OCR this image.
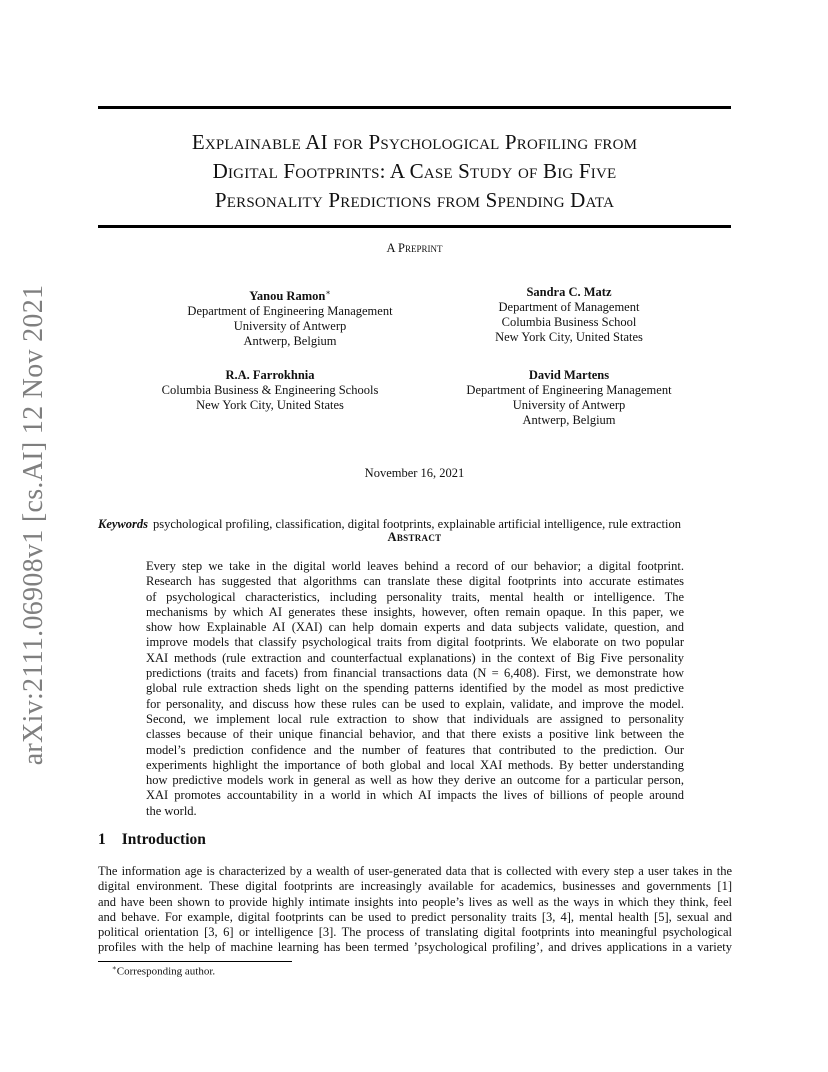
arXiv:2111.06908v1 [cs.AI] 12 Nov 2021
Explainable AI for Psychological Profiling from
Digital Footprints: A Case Study of Big Five
Personality Predictions from Spending Data
A Preprint
Yanou Ramon∗
Department of Engineering Management
University of Antwerp
Antwerp, Belgium
Sandra C. Matz
Department of Management
Columbia Business School
New York City, United States
R.A. Farrokhnia
Columbia Business & Engineering Schools
New York City, United States
David Martens
Department of Engineering Management
University of Antwerp
Antwerp, Belgium
November 16, 2021
Keywords psychological profiling, classification, digital footprints, explainable artificial intelligence, rule extraction
Abstract
Every step we take in the digital world leaves behind a record of our behavior; a digital footprint.
Research has suggested that algorithms can translate these digital footprints into accurate estimates
of psychological characteristics, including personality traits, mental health or intelligence. The
mechanisms by which AI generates these insights, however, often remain opaque. In this paper, we
show how Explainable AI (XAI) can help domain experts and data subjects validate, question, and
improve models that classify psychological traits from digital footprints. We elaborate on two popular
XAI methods (rule extraction and counterfactual explanations) in the context of Big Five personality
predictions (traits and facets) from financial transactions data (N = 6,408). First, we demonstrate how
global rule extraction sheds light on the spending patterns identified by the model as most predictive
for personality, and discuss how these rules can be used to explain, validate, and improve the model.
Second, we implement local rule extraction to show that individuals are assigned to personality
classes because of their unique financial behavior, and that there exists a positive link between the
model’s prediction confidence and the number of features that contributed to the prediction. Our
experiments highlight the importance of both global and local XAI methods. By better understanding
how predictive models work in general as well as how they derive an outcome for a particular person,
XAI promotes accountability in a world in which AI impacts the lives of billions of people around
the world.
1 Introduction
The information age is characterized by a wealth of user-generated data that is collected with every step a user takes in the
digital environment. These digital footprints are increasingly available for academics, businesses and governments [1]
and have been shown to provide highly intimate insights into people’s lives as well as the ways in which they think, feel
and behave. For example, digital footprints can be used to predict personality traits [3, 4], mental health [5], sexual and
political orientation [3, 6] or intelligence [3]. The process of translating digital footprints into meaningful psychological
profiles with the help of machine learning has been termed ’psychological profiling’, and drives applications in a variety
∗Corresponding author.
